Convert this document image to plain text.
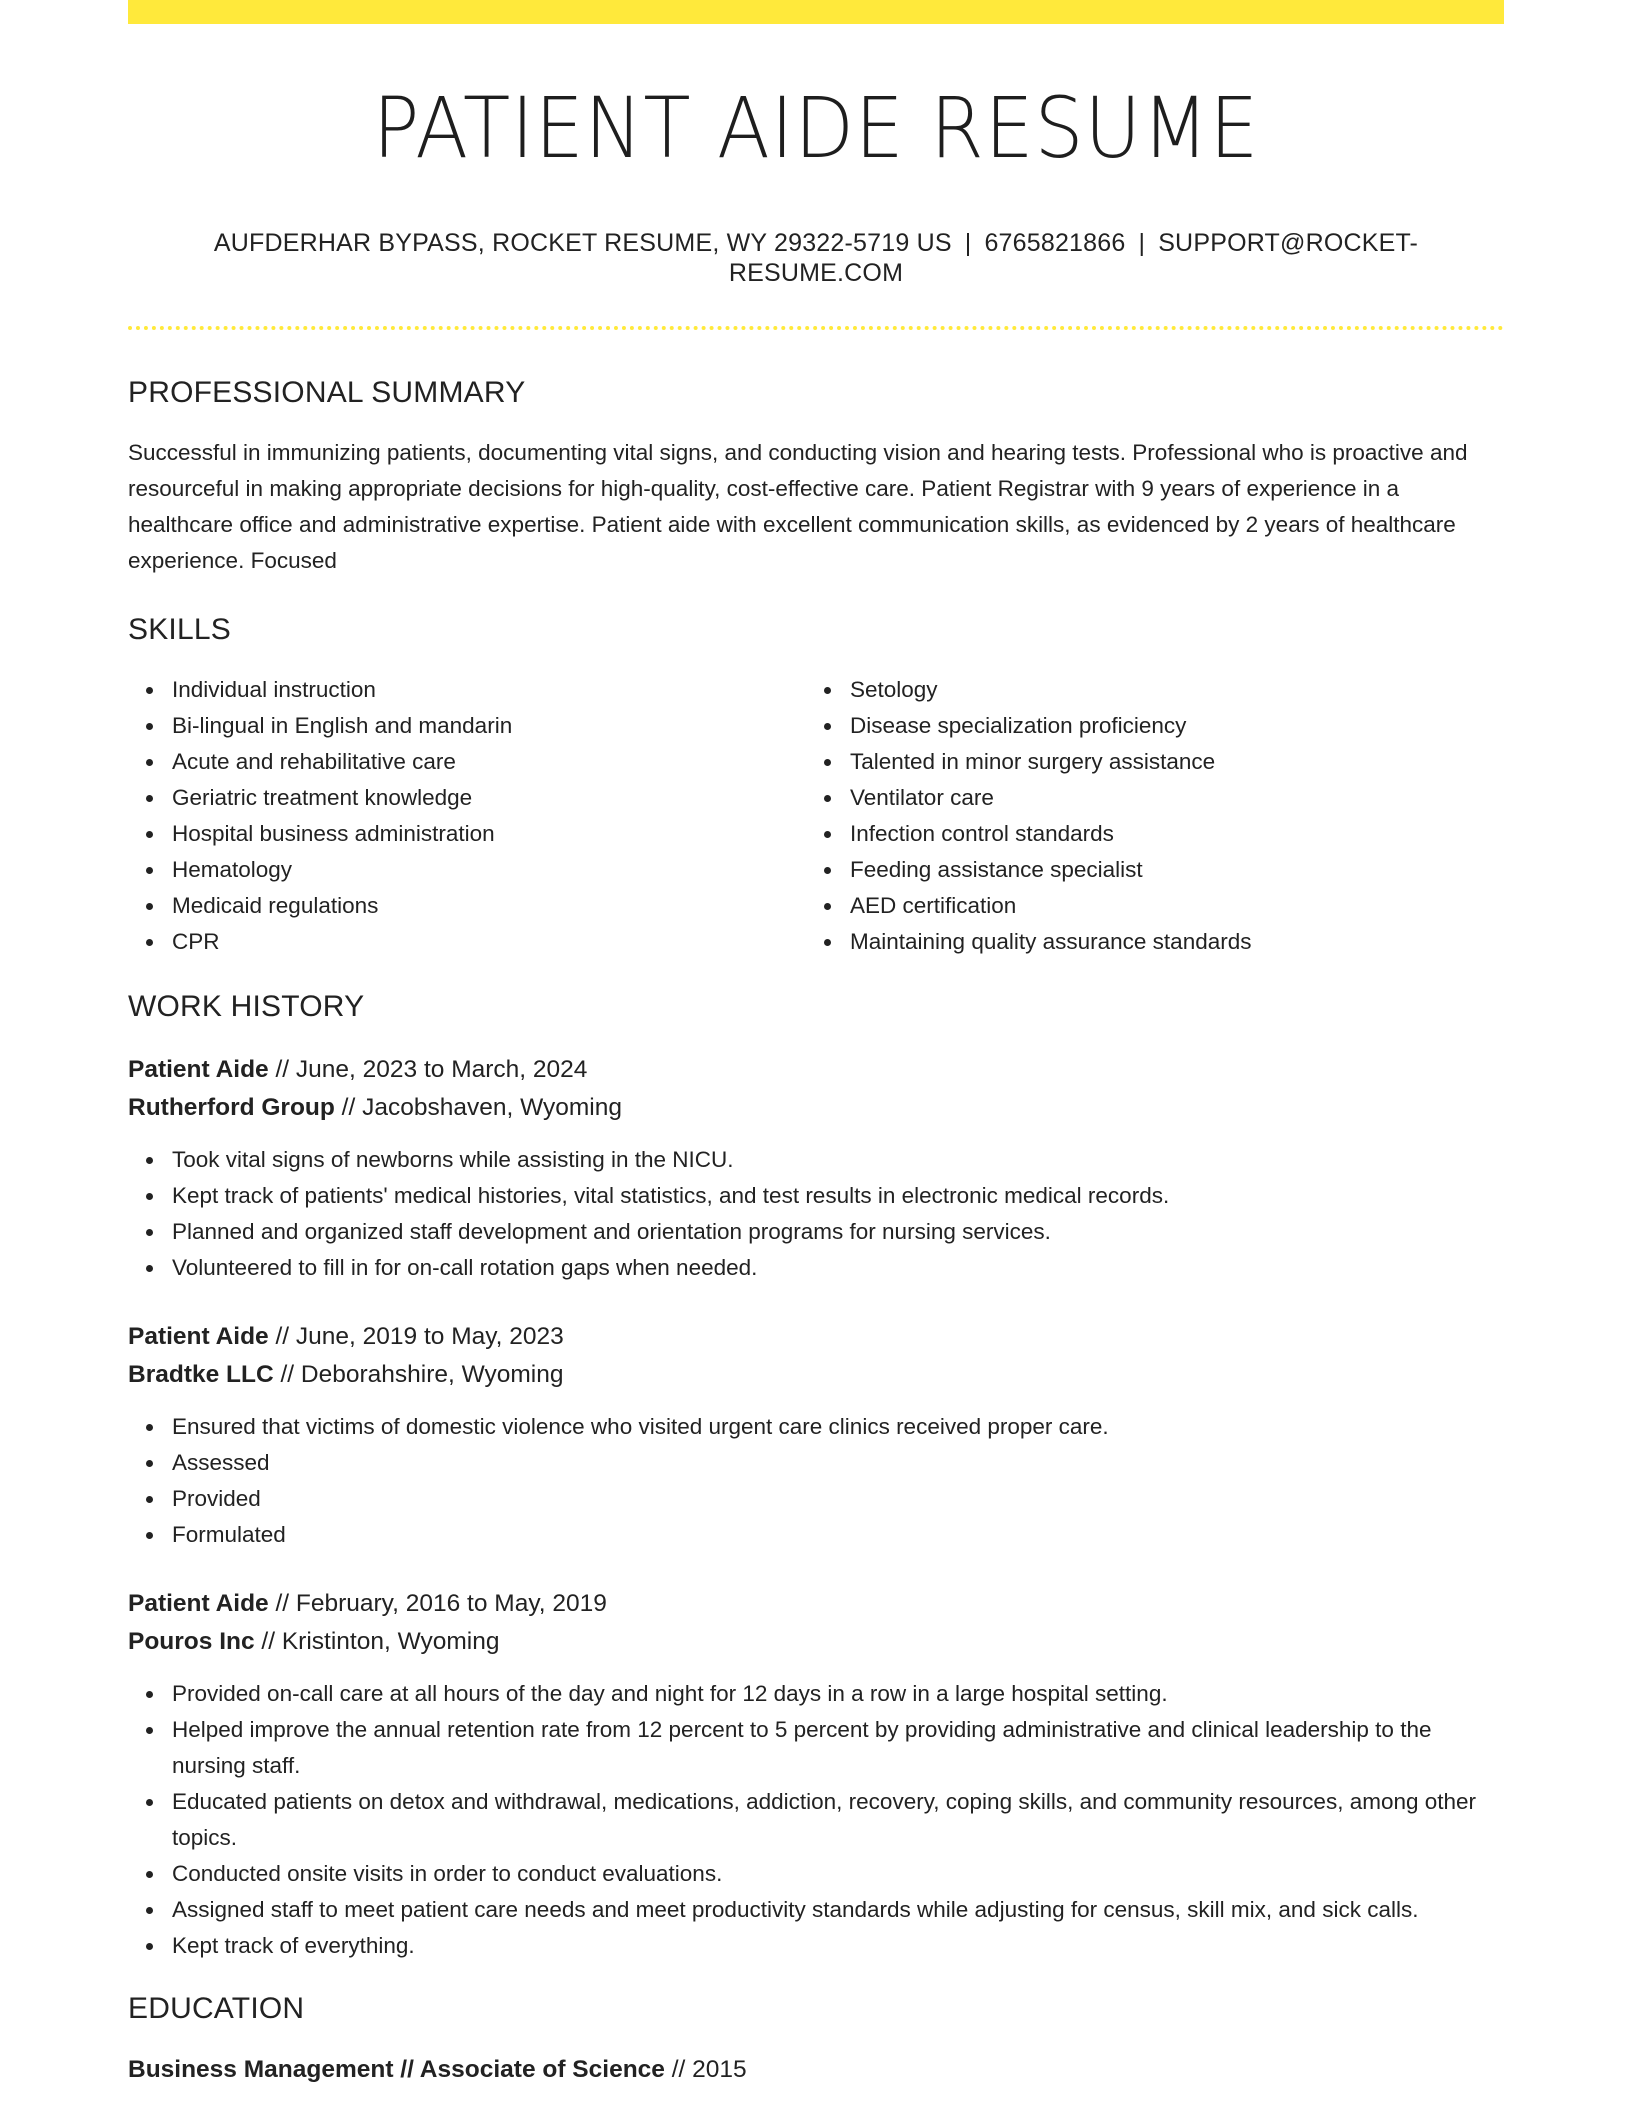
PATIENT AIDE RESUME
AUFDERHAR BYPASS, ROCKET RESUME, WY 29322-5719 US | 6765821866 | SUPPORT@ROCKET-RESUME.COM
PROFESSIONAL SUMMARY

Successful in immunizing patients, documenting vital signs, and conducting vision and hearing tests. Professional who is proactive and resourceful in making appropriate decisions for high-quality, cost-effective care. Patient Registrar with 9 years of experience in a healthcare office and administrative expertise. Patient aide with excellent communication skills, as evidenced by 2 years of healthcare experience. Focused

SKILLS
Individual instruction
Bi-lingual in English and mandarin
Acute and rehabilitative care
Geriatric treatment knowledge
Hospital business administration
Hematology
Medicaid regulations
CPR
Setology
Disease specialization proficiency
Talented in minor surgery assistance
Ventilator care
Infection control standards
Feeding assistance specialist
AED certification
Maintaining quality assurance standards
WORK HISTORY
Patient Aide // June, 2023 to March, 2024
Rutherford Group // Jacobshaven, Wyoming
Took vital signs of newborns while assisting in the NICU.
Kept track of patients' medical histories, vital statistics, and test results in electronic medical records.
Planned and organized staff development and orientation programs for nursing services.
Volunteered to fill in for on-call rotation gaps when needed.
Patient Aide // June, 2019 to May, 2023
Bradtke LLC // Deborahshire, Wyoming
Ensured that victims of domestic violence who visited urgent care clinics received proper care.
Assessed
Provided
Formulated
Patient Aide // February, 2016 to May, 2019
Pouros Inc // Kristinton, Wyoming
Provided on-call care at all hours of the day and night for 12 days in a row in a large hospital setting.
Helped improve the annual retention rate from 12 percent to 5 percent by providing administrative and clinical leadership to the nursing staff.
Educated patients on detox and withdrawal, medications, addiction, recovery, coping skills, and community resources, among other topics.
Conducted onsite visits in order to conduct evaluations.
Assigned staff to meet patient care needs and meet productivity standards while adjusting for census, skill mix, and sick calls.
Kept track of everything.
EDUCATION
Business Management // Associate of Science // 2015
